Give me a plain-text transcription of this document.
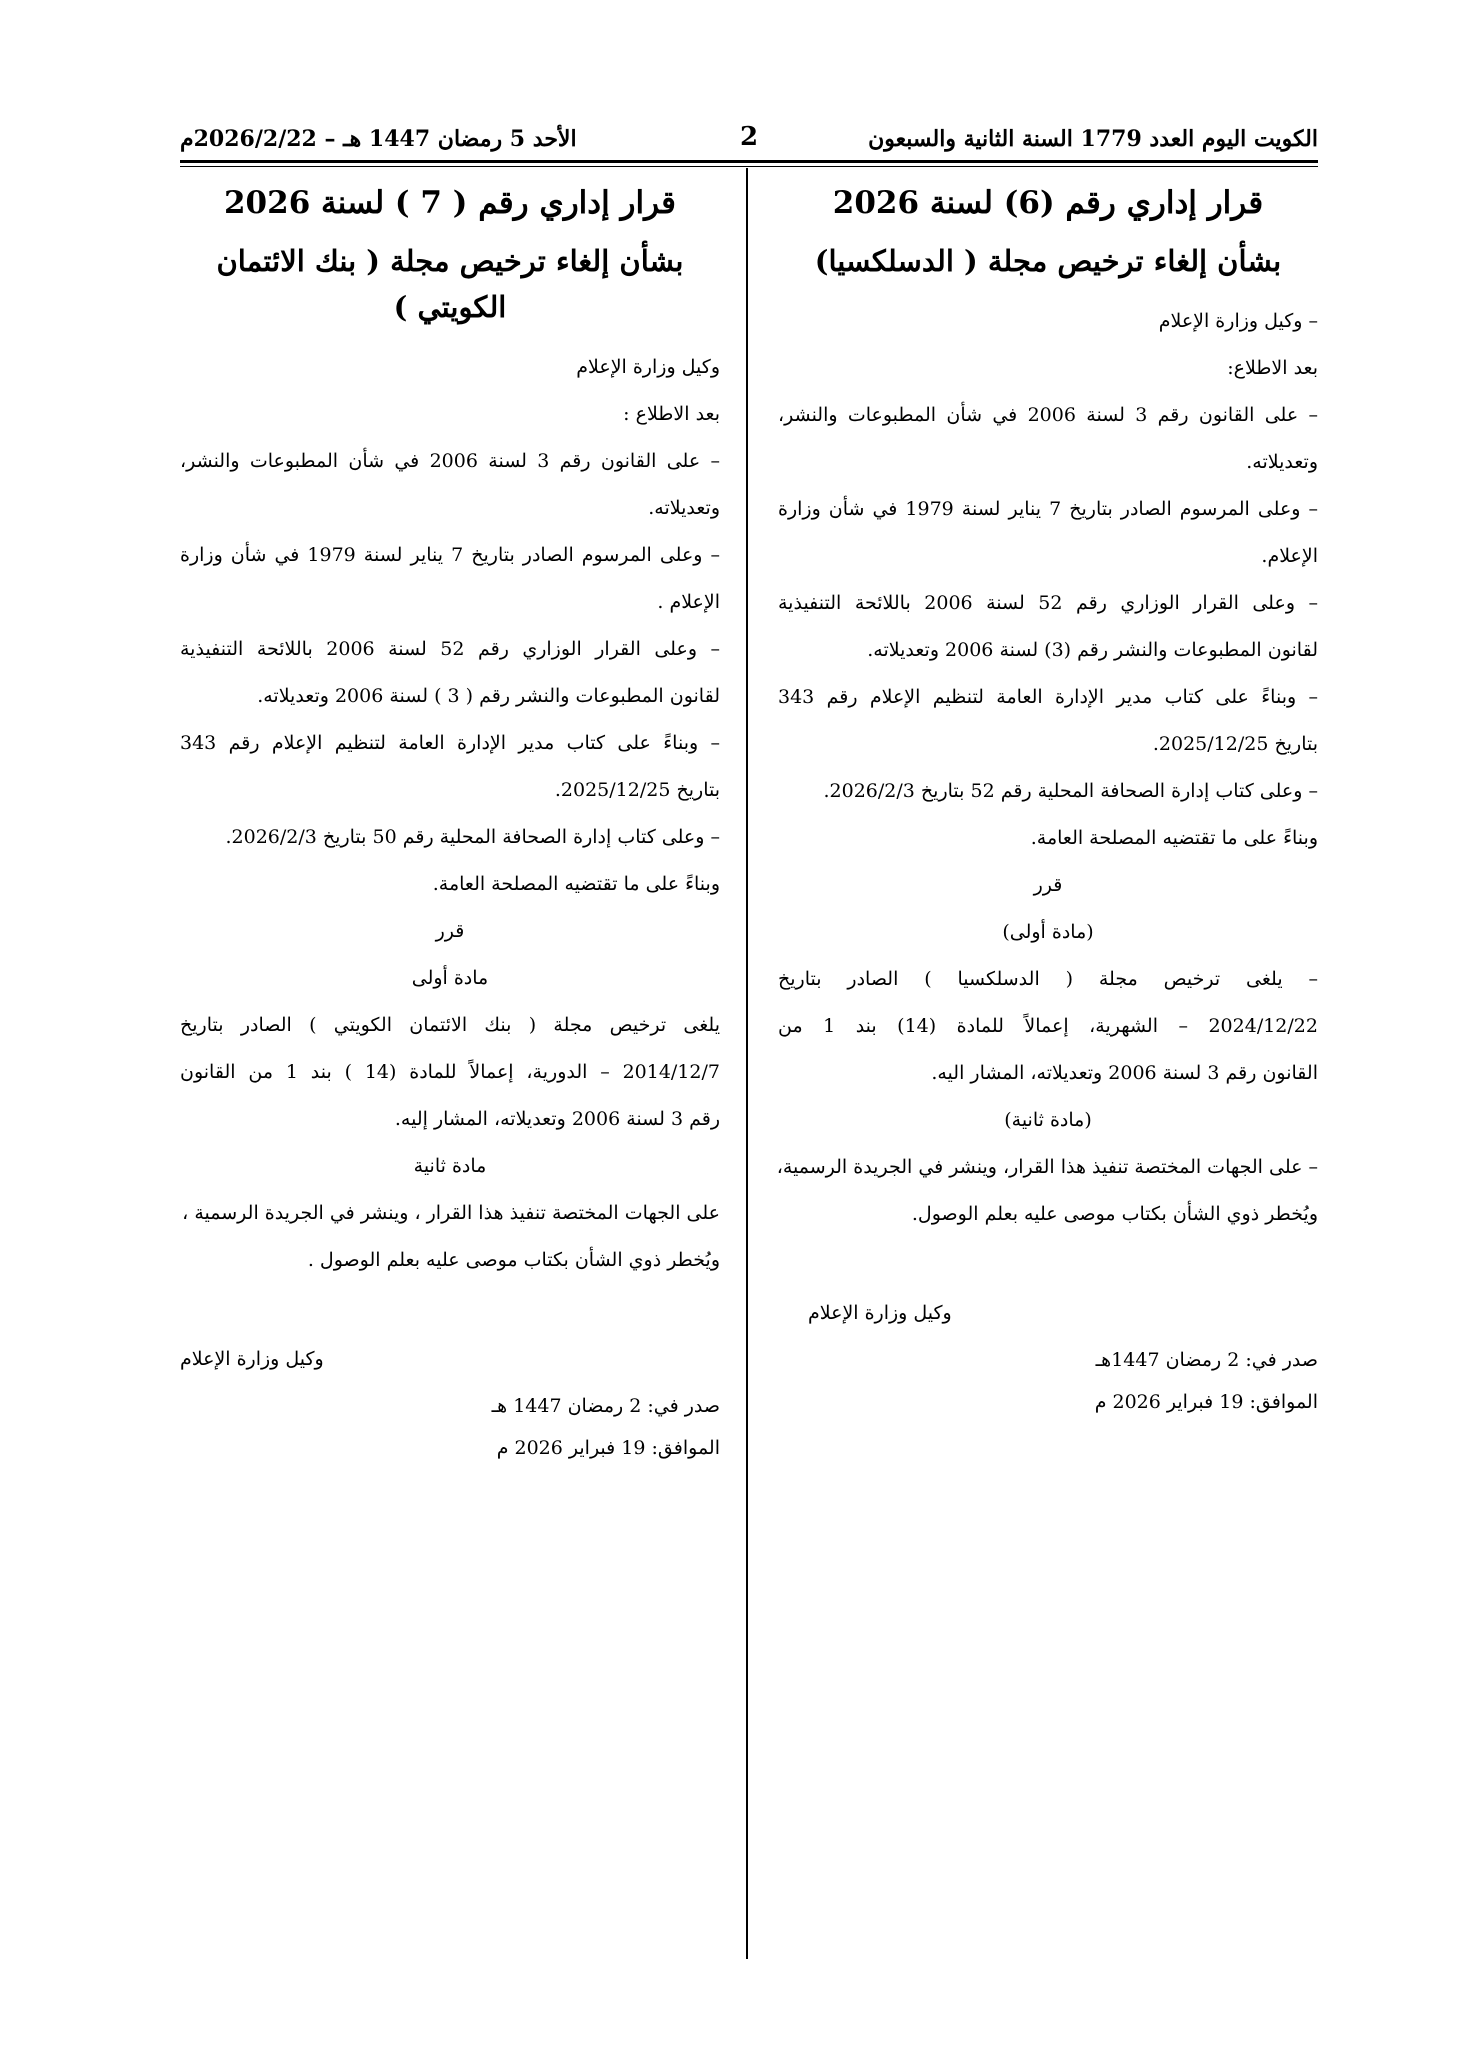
الكويت اليوم العدد 1779 السنة الثانية والسبعون
2
الأحد 5 رمضان 1447 هـ – 2026/2/22م
قرار إداري رقم (6) لسنة 2026
بشأن إلغاء ترخيص مجلة ( الدسلكسيا)
– وكيل وزارة الإعلام
بعد الاطلاع:
– على القانون رقم 3 لسنة 2006 في شأن المطبوعات والنشر،
وتعديلاته.
– وعلى المرسوم الصادر بتاريخ 7 يناير لسنة 1979 في شأن وزارة
الإعلام.
– وعلى القرار الوزاري رقم 52 لسنة 2006 باللائحة التنفيذية
لقانون المطبوعات والنشر رقم (3) لسنة 2006 وتعديلاته.
– وبناءً على كتاب مدير الإدارة العامة لتنظيم الإعلام رقم 343
بتاريخ 2025/12/25.
– وعلى كتاب إدارة الصحافة المحلية رقم 52 بتاريخ 2026/2/3.
وبناءً على ما تقتضيه المصلحة العامة.
قرر
(مادة أولى)
– يلغى ترخيص مجلة ( الدسلكسيا ) الصادر بتاريخ
2024/12/22 – الشهرية، إعمالاً للمادة (14) بند 1 من
القانون رقم 3 لسنة 2006 وتعديلاته، المشار اليه.
(مادة ثانية)
– على الجهات المختصة تنفيذ هذا القرار، وينشر في الجريدة الرسمية،
ويُخطر ذوي الشأن بكتاب موصى عليه بعلم الوصول.
وكيل وزارة الإعلام
صدر في: 2 رمضان 1447هـ
الموافق: 19 فبراير 2026 م
قرار إداري رقم ( 7 ) لسنة 2026
بشأن إلغاء ترخيص مجلة ( بنك الائتمان الكويتي )
وكيل وزارة الإعلام
بعد الاطلاع :
– على القانون رقم 3 لسنة 2006 في شأن المطبوعات والنشر،
وتعديلاته.
– وعلى المرسوم الصادر بتاريخ 7 يناير لسنة 1979 في شأن وزارة
الإعلام .
– وعلى القرار الوزاري رقم 52 لسنة 2006 باللائحة التنفيذية
لقانون المطبوعات والنشر رقم ( 3 ) لسنة 2006 وتعديلاته.
– وبناءً على كتاب مدير الإدارة العامة لتنظيم الإعلام رقم 343
بتاريخ 2025/12/25.
– وعلى كتاب إدارة الصحافة المحلية رقم 50 بتاريخ 2026/2/3.
وبناءً على ما تقتضيه المصلحة العامة.
قرر
مادة أولى
يلغى ترخيص مجلة ( بنك الائتمان الكويتي ) الصادر بتاريخ
2014/12/7 – الدورية، إعمالاً للمادة (14 ) بند 1 من القانون
رقم 3 لسنة 2006 وتعديلاته، المشار إليه.
مادة ثانية
على الجهات المختصة تنفيذ هذا القرار ، وينشر في الجريدة الرسمية ،
ويُخطر ذوي الشأن بكتاب موصى عليه بعلم الوصول .
وكيل وزارة الإعلام
صدر في: 2 رمضان 1447 هـ
الموافق: 19 فبراير 2026 م
